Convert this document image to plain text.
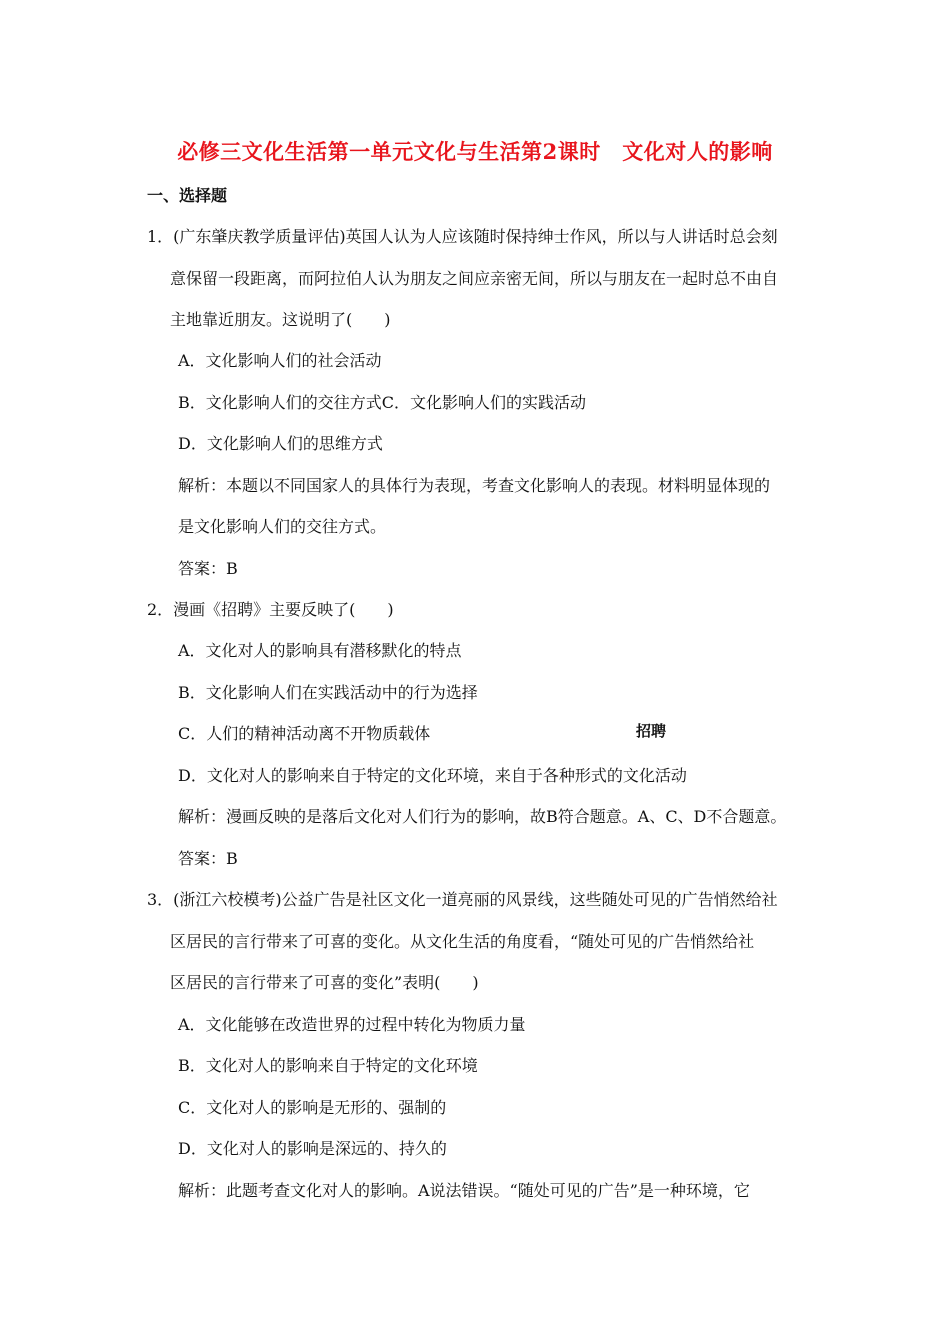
必修三文化生活第一单元文化与生活第2课时　文化对人的影响
一、选择题
1．(广东肇庆教学质量评估)英国人认为人应该随时保持绅士作风，所以与人讲话时总会刻
意保留一段距离，而阿拉伯人认为朋友之间应亲密无间，所以与朋友在一起时总不由自
主地靠近朋友。这说明了(　　)
A．文化影响人们的社会活动
B．文化影响人们的交往方式C．文化影响人们的实践活动
D．文化影响人们的思维方式
解析：本题以不同国家人的具体行为表现，考查文化影响人的表现。材料明显体现的
是文化影响人们的交往方式。
答案：B
2．漫画《招聘》主要反映了(　　)
A．文化对人的影响具有潜移默化的特点
B．文化影响人们在实践活动中的行为选择
C．人们的精神活动离不开物质载体	招聘
D．文化对人的影响来自于特定的文化环境，来自于各种形式的文化活动
解析：漫画反映的是落后文化对人们行为的影响，故B符合题意。A、C、D不合题意。
答案：B
3．(浙江六校模考)公益广告是社区文化一道亮丽的风景线，这些随处可见的广告悄然给社
区居民的言行带来了可喜的变化。从文化生活的角度看，“随处可见的广告悄然给社
区居民的言行带来了可喜的变化”表明(　　)
A．文化能够在改造世界的过程中转化为物质力量
B．文化对人的影响来自于特定的文化环境
C．文化对人的影响是无形的、强制的
D．文化对人的影响是深远的、持久的
解析：此题考查文化对人的影响。A说法错误。“随处可见的广告”是一种环境，它
